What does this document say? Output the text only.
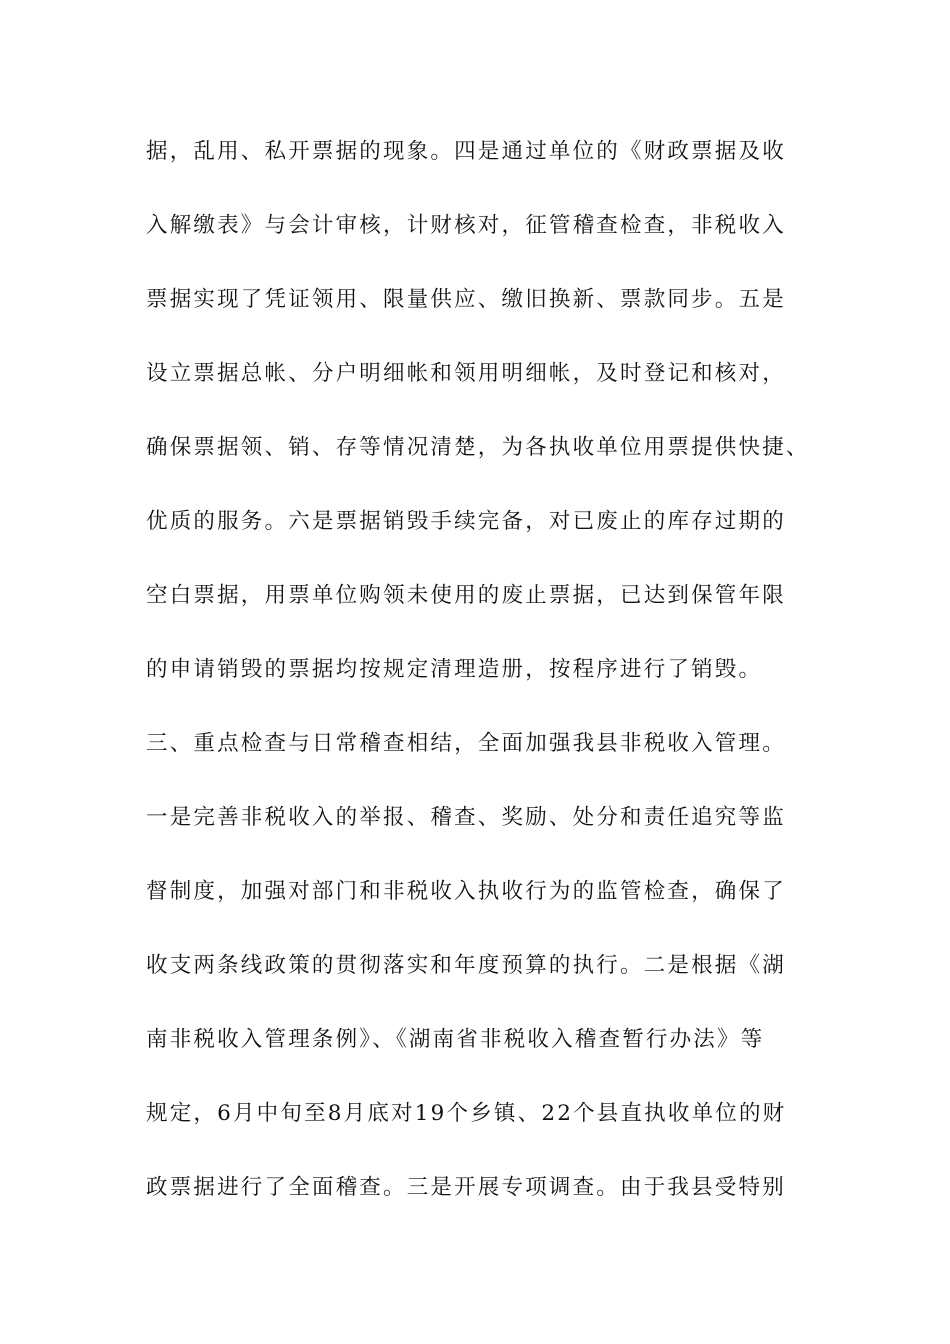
据，乱用、私开票据的现象。四是通过单位的《财政票据及收
入解缴表》与会计审核，计财核对，征管稽查检查，非税收入
票据实现了凭证领用、限量供应、缴旧换新、票款同步。五是
设立票据总帐、分户明细帐和领用明细帐，及时登记和核对，
确保票据领、销、存等情况清楚，为各执收单位用票提供快捷、
优质的服务。六是票据销毁手续完备，对已废止的库存过期的
空白票据，用票单位购领未使用的废止票据，已达到保管年限
的申请销毁的票据均按规定清理造册，按程序进行了销毁。
三、重点检查与日常稽查相结，全面加强我县非税收入管理。
一是完善非税收入的举报、稽查、奖励、处分和责任追究等监
督制度，加强对部门和非税收入执收行为的监管检查，确保了
收支两条线政策的贯彻落实和年度预算的执行。二是根据《湖
南非税收入管理条例》、《湖南省非税收入稽查暂行办法》等
规定，6月中旬至8月底对19个乡镇、22个县直执收单位的财
政票据进行了全面稽查。三是开展专项调查。由于我县受特别
